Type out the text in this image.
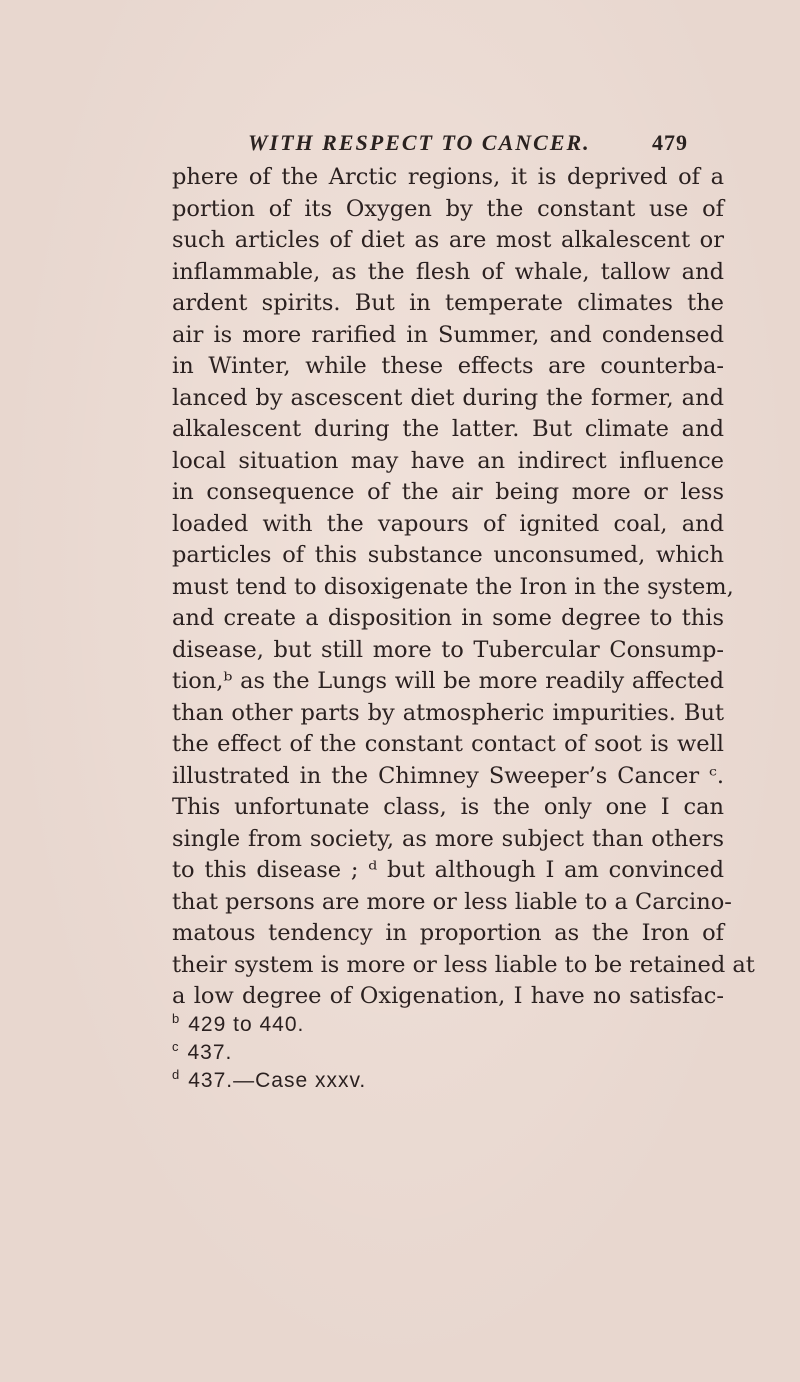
WITH RESPECT TO CANCER.	479
phere of the Arctic regions, it is deprived of a
portion of its Oxygen by the constant use of
such articles of diet as are most alkalescent or
inflammable, as the flesh of whale, tallow and
ardent spirits. But in temperate climates the
air is more rarified in Summer, and condensed
in Winter, while these effects are counterba-
lanced by ascescent diet during the former, and
alkalescent during the latter. But climate and
local situation may have an indirect influence
in consequence of the air being more or less
loaded with the vapours of ignited coal, and
particles of this substance unconsumed, which
must tend to disoxigenate the Iron in the system,
and create a disposition in some degree to this
disease, but still more to Tubercular Consump-
tion,ᵇ as the Lungs will be more readily affected
than other parts by atmospheric impurities. But
the effect of the constant contact of soot is well
illustrated in the Chimney Sweeper’s Cancer ᶜ.
This unfortunate class, is the only one I can
single from society, as more subject than others
to this disease ; ᵈ but although I am convinced
that persons are more or less liable to a Carcino-
matous tendency in proportion as the Iron of
their system is more or less liable to be retained at
a low degree of Oxigenation, I have no satisfac-
$^b$ 429 to 440.
$^c$ 437.
$^d$ 437.—Case xxxv.
